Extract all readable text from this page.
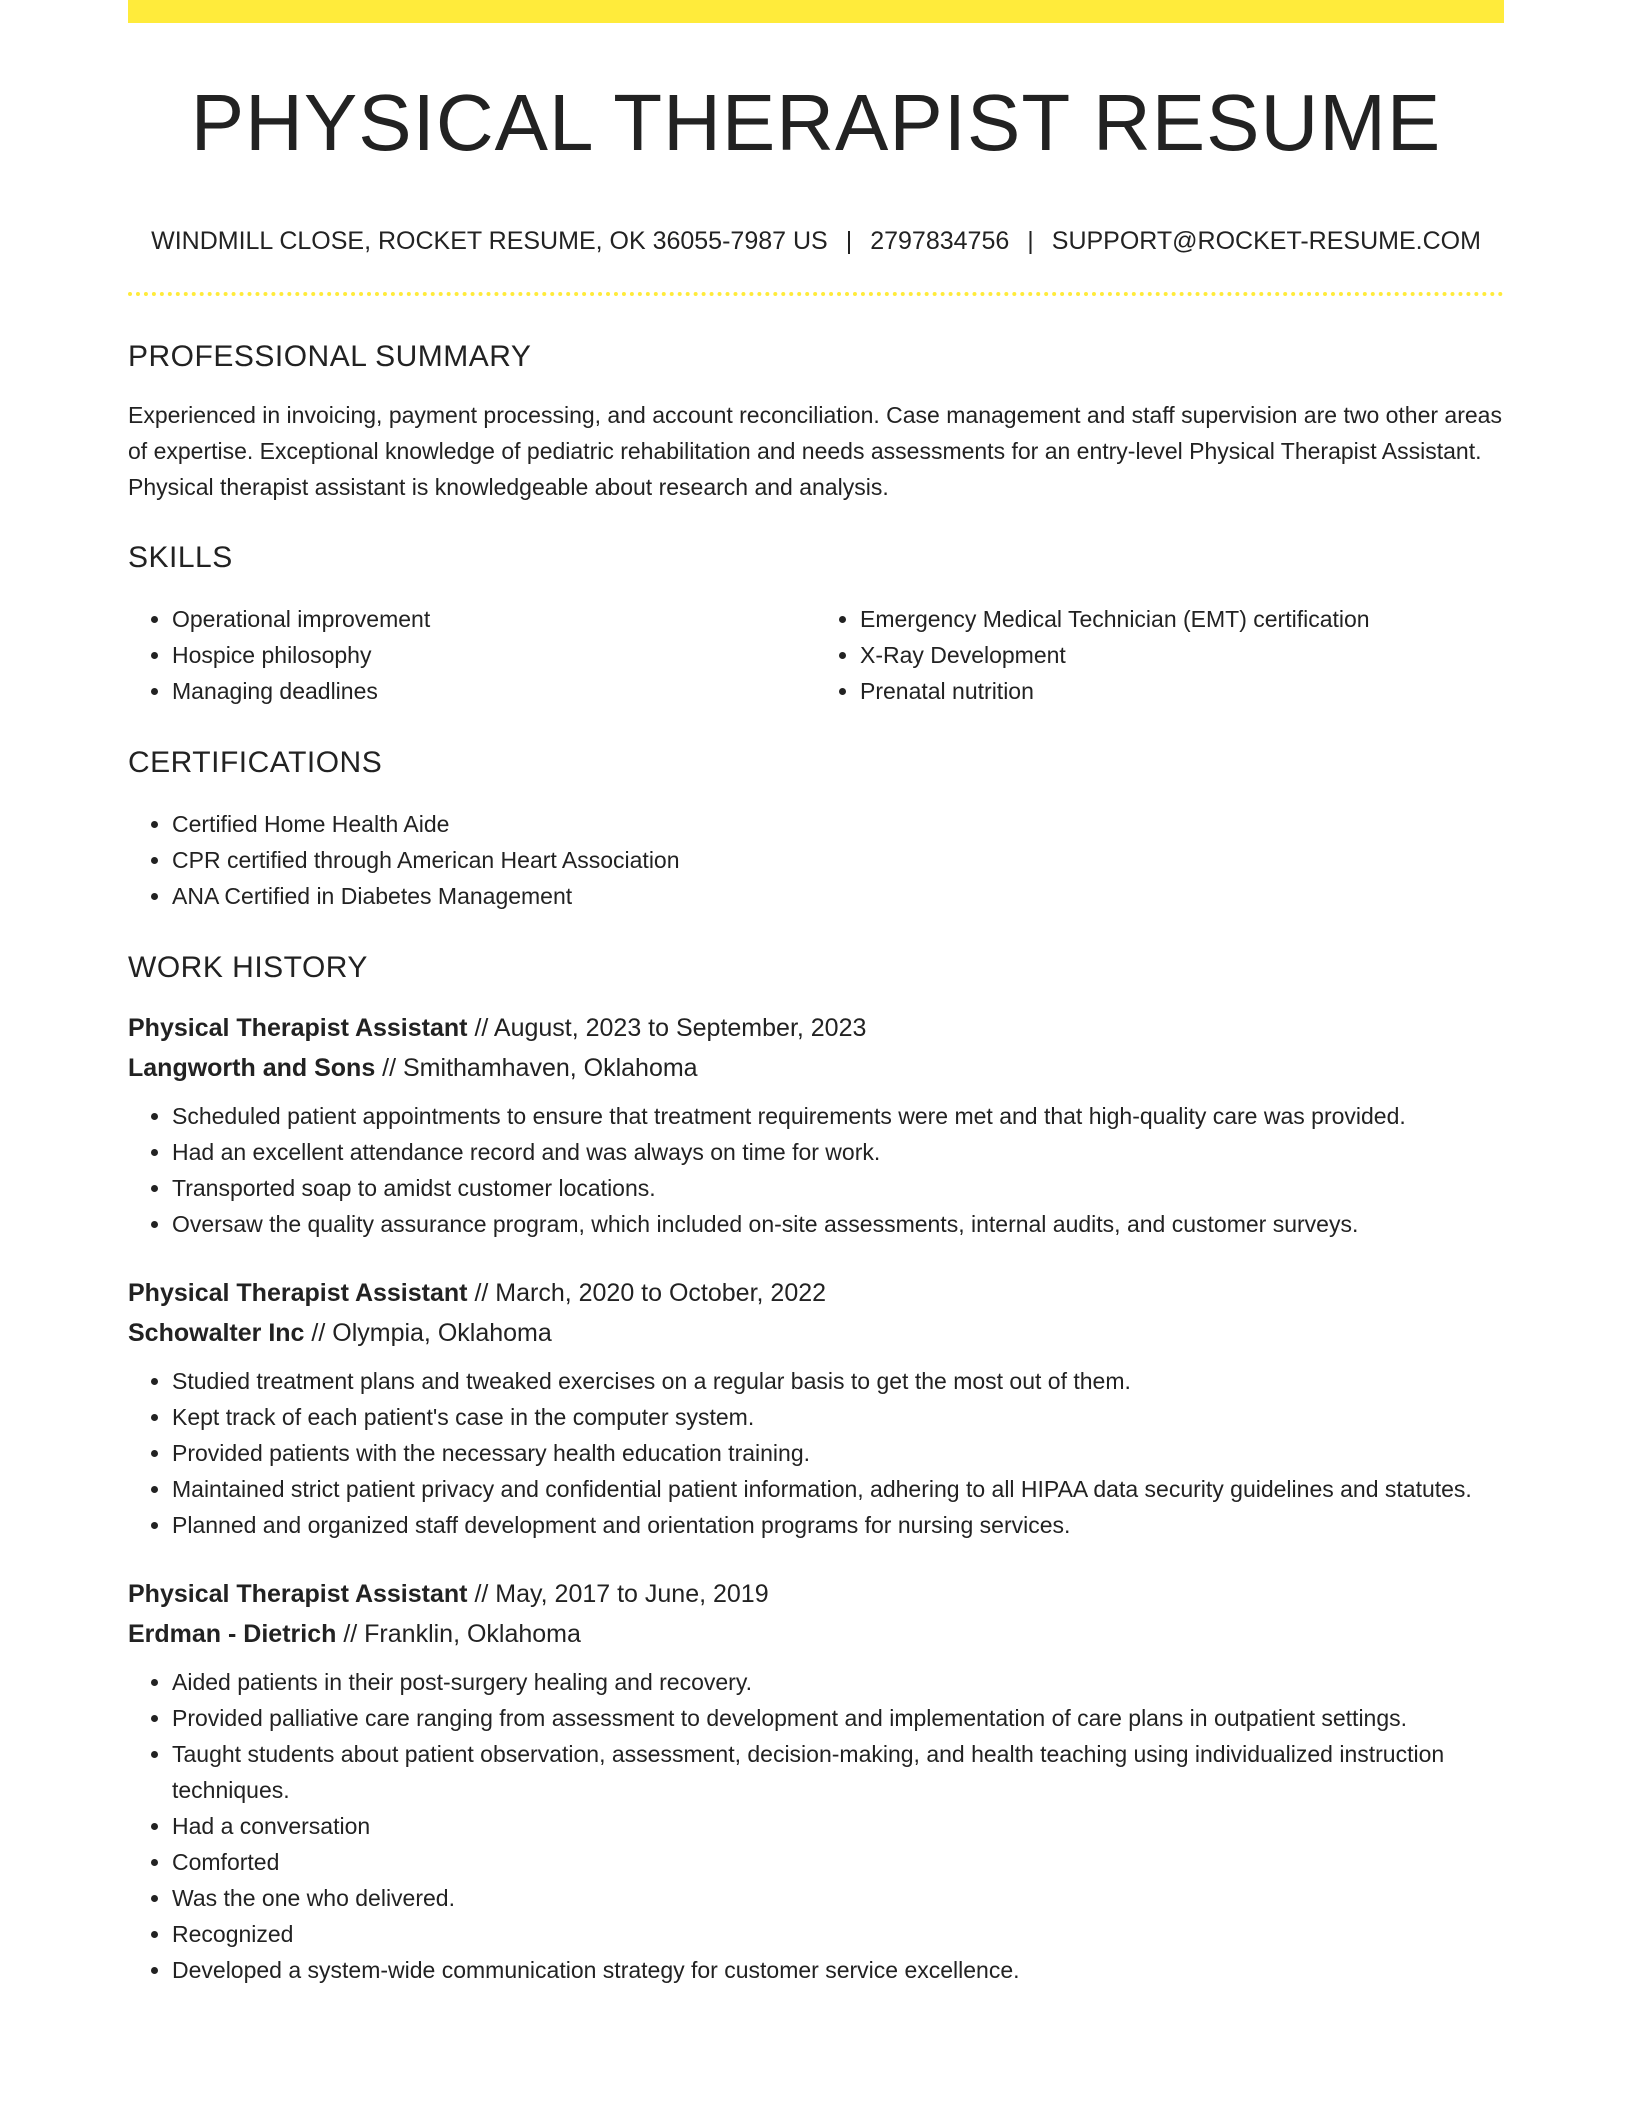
PHYSICAL THERAPIST RESUME
WINDMILL CLOSE, ROCKET RESUME, OK 36055-7987 US | 2797834756 | SUPPORT@ROCKET-RESUME.COM
PROFESSIONAL SUMMARY

Experienced in invoicing, payment processing, and account reconciliation. Case management and staff supervision are two other areas of expertise. Exceptional knowledge of pediatric rehabilitation and needs assessments for an entry-level Physical Therapist Assistant. Physical therapist assistant is knowledgeable about research and analysis.

SKILLS
• Operational improvement
• Hospice philosophy
• Managing deadlines
• Emergency Medical Technician (EMT) certification
• X-Ray Development
• Prenatal nutrition
CERTIFICATIONS
• Certified Home Health Aide
• CPR certified through American Heart Association
• ANA Certified in Diabetes Management
WORK HISTORY
Physical Therapist Assistant // August, 2023 to September, 2023
Langworth and Sons // Smithamhaven, Oklahoma
• Scheduled patient appointments to ensure that treatment requirements were met and that high-quality care was provided.
• Had an excellent attendance record and was always on time for work.
• Transported soap to amidst customer locations.
• Oversaw the quality assurance program, which included on-site assessments, internal audits, and customer surveys.
Physical Therapist Assistant // March, 2020 to October, 2022
Schowalter Inc // Olympia, Oklahoma
• Studied treatment plans and tweaked exercises on a regular basis to get the most out of them.
• Kept track of each patient's case in the computer system.
• Provided patients with the necessary health education training.
• Maintained strict patient privacy and confidential patient information, adhering to all HIPAA data security guidelines and statutes.
• Planned and organized staff development and orientation programs for nursing services.
Physical Therapist Assistant // May, 2017 to June, 2019
Erdman - Dietrich // Franklin, Oklahoma
• Aided patients in their post-surgery healing and recovery.
• Provided palliative care ranging from assessment to development and implementation of care plans in outpatient settings.
• Taught students about patient observation, assessment, decision-making, and health teaching using individualized instruction techniques.
• Had a conversation
• Comforted
• Was the one who delivered.
• Recognized
• Developed a system-wide communication strategy for customer service excellence.
